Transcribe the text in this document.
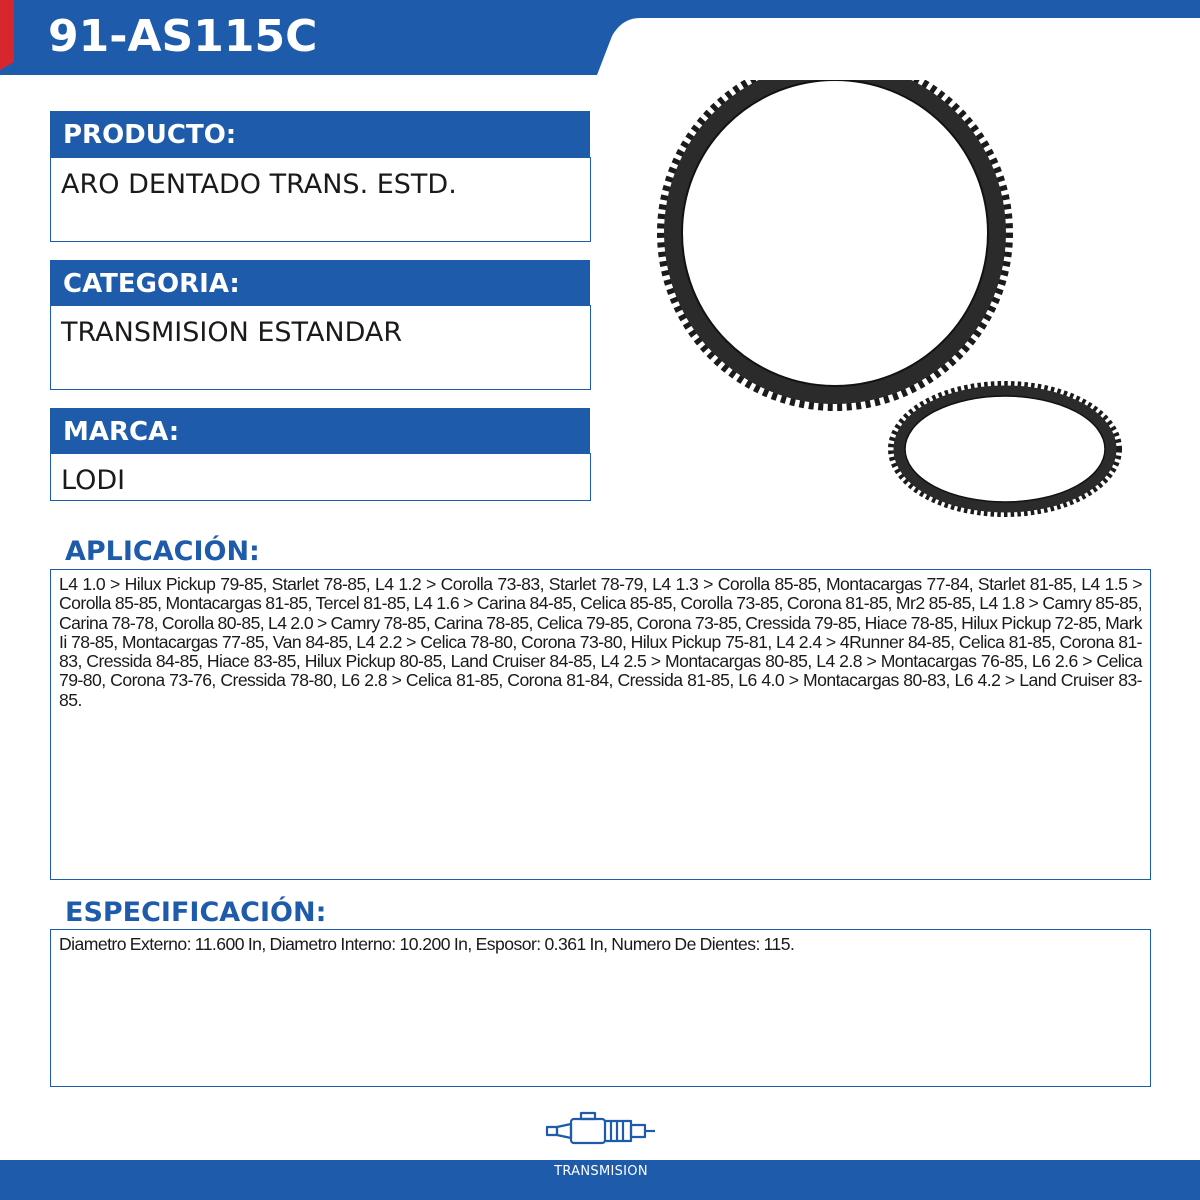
91-AS115C
PRODUCTO:
ARO DENTADO TRANS. ESTD.
CATEGORIA:
TRANSMISION ESTANDAR
MARCA:
LODI
APLICACIÓN:
L4 1.0 > Hilux Pickup 79-85, Starlet 78-85, L4 1.2 > Corolla 73-83, Starlet 78-79, L4 1.3 > Corolla 85-85, Montacargas 77-84, Starlet 81-85, L4 1.5 > Corolla 85-85, Montacargas 81-85, Tercel 81-85, L4 1.6 > Carina 84-85, Celica 85-85, Corolla 73-85, Corona 81-85, Mr2 85-85, L4 1.8 > Camry 85-85, Carina 78-78, Corolla 80-85, L4 2.0 > Camry 78-85, Carina 78-85, Celica 79-85, Corona 73-85, Cressida 79-85, Hiace 78-85, Hilux Pickup 72-85, Mark Ii 78-85, Montacargas 77-85, Van 84-85, L4 2.2 > Celica 78-80, Corona 73-80, Hilux Pickup 75-81, L4 2.4 > 4Runner 84-85, Celica 81-85, Corona 81-83, Cressida 84-85, Hiace 83-85, Hilux Pickup 80-85, Land Cruiser 84-85, L4 2.5 > Montacargas 80-85, L4 2.8 > Montacargas 76-85, L6 2.6 > Celica 79-80, Corona 73-76, Cressida 78-80, L6 2.8 > Celica 81-85, Corona 81-84, Cressida 81-85, L6 4.0 > Montacargas 80-83, L6 4.2 > Land Cruiser 83-85.
ESPECIFICACIÓN:
Diametro Externo: 11.600 In, Diametro Interno: 10.200 In, Esposor: 0.361 In, Numero De Dientes: 115.
TRANSMISION
